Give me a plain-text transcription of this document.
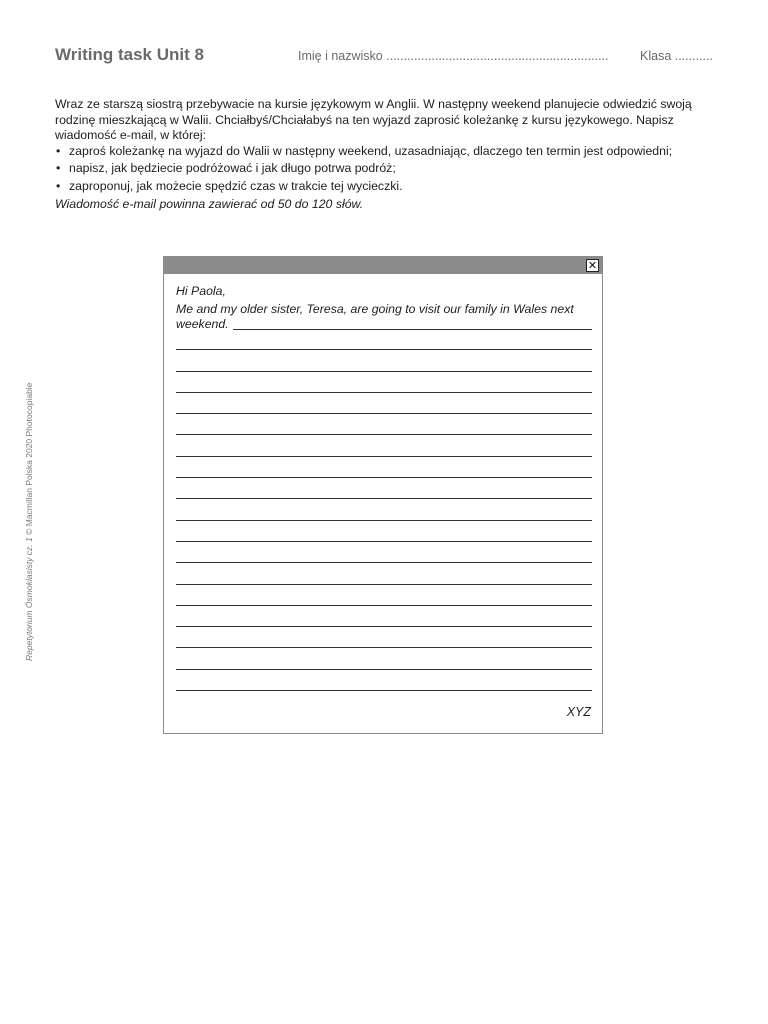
Writing task Unit 8	Imię i nazwisko ................................................................	Klasa ...........

Wraz ze starszą siostrą przebywacie na kursie językowym w Anglii. W następny weekend planujecie odwiedzić swoją rodzinę mieszkającą w Walii. Chciałbyś/Chciałabyś na ten wyjazd zaprosić koleżankę z kursu językowego. Napisz wiadomość e-mail, w której:

• zaproś koleżankę na wyjazd do Walii w następny weekend, uzasadniając, dlaczego ten termin jest odpowiedni;
• napisz, jak będziecie podróżować i jak długo potrwa podróż;
• zaproponuj, jak możecie spędzić czas w trakcie tej wycieczki.

Wiadomość e-mail powinna zawierać od 50 do 120 słów.

Repetytorium Ósmoklasisty cz. 1 © Macmillan Polska 2020 Photocopiable
✕

Hi Paola,

Me and my older sister, Teresa, are going to visit our family in Wales next

weekend.
XYZ
